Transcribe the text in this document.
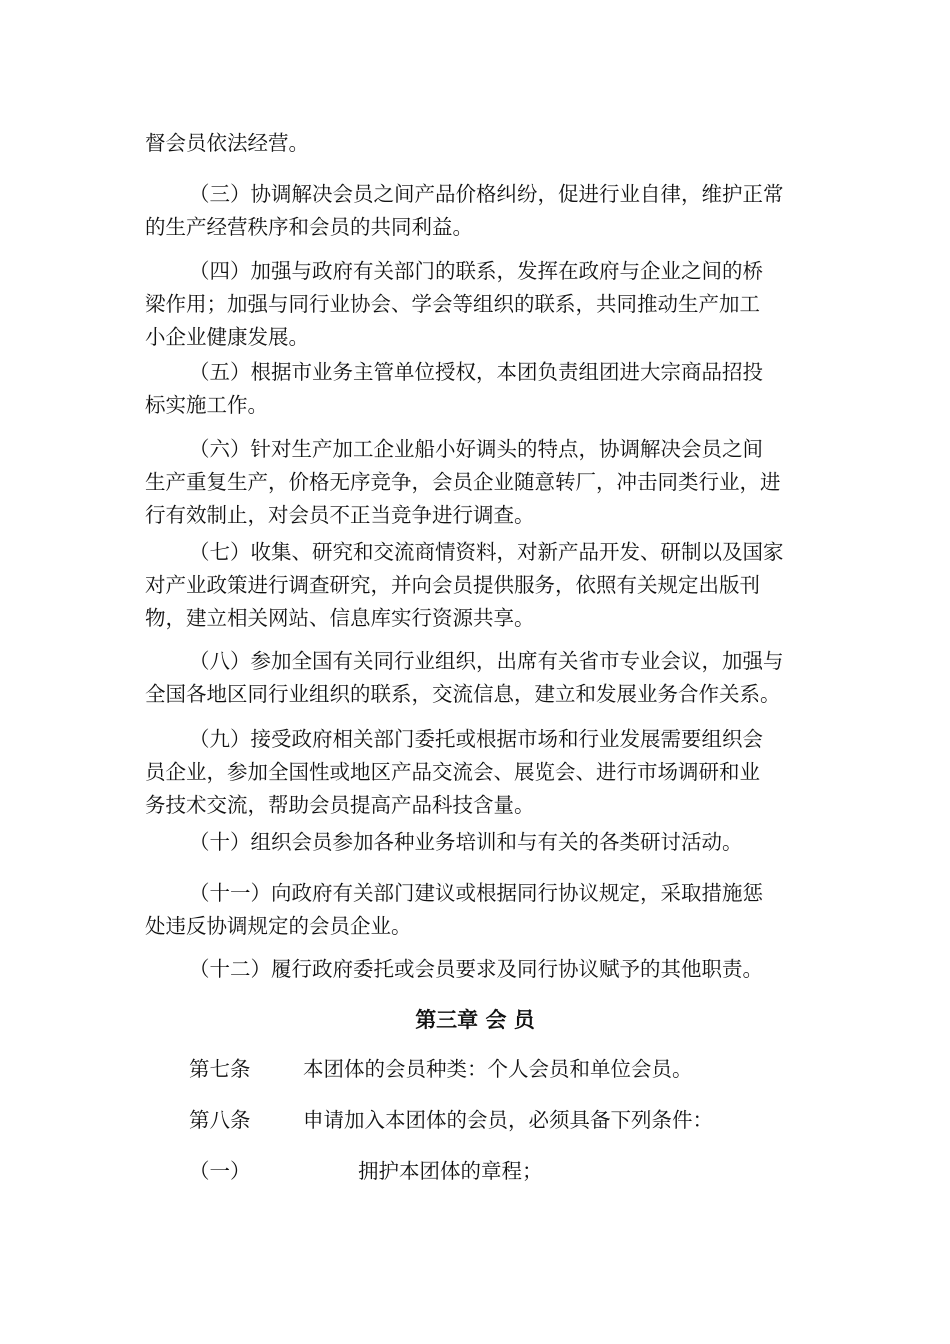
督会员依法经营。
（三）协调解决会员之间产品价格纠纷，促进行业自律，维护正常
的生产经营秩序和会员的共同利益。
（四）加强与政府有关部门的联系，发挥在政府与企业之间的桥
梁作用；加强与同行业协会、学会等组织的联系，共同推动生产加工
小企业健康发展。
（五）根据市业务主管单位授权，本团负责组团进大宗商品招投
标实施工作。
（六）针对生产加工企业船小好调头的特点，协调解决会员之间
生产重复生产，价格无序竞争，会员企业随意转厂，冲击同类行业，进
行有效制止，对会员不正当竞争进行调查。
（七）收集、研究和交流商情资料，对新产品开发、研制以及国家
对产业政策进行调查研究，并向会员提供服务，依照有关规定出版刊
物，建立相关网站、信息库实行资源共享。
（八）参加全国有关同行业组织，出席有关省市专业会议，加强与
全国各地区同行业组织的联系，交流信息，建立和发展业务合作关系。
（九）接受政府相关部门委托或根据市场和行业发展需要组织会
员企业，参加全国性或地区产品交流会、展览会、进行市场调研和业
务技术交流，帮助会员提高产品科技含量。
（十）组织会员参加各种业务培训和与有关的各类研讨活动。
（十一）向政府有关部门建议或根据同行协议规定，采取措施惩
处违反协调规定的会员企业。
（十二）履行政府委托或会员要求及同行协议赋予的其他职责。
第三章 会 员
第七条	本团体的会员种类：个人会员和单位会员。
第八条	申请加入本团体的会员，必须具备下列条件：
（一）	拥护本团体的章程；
